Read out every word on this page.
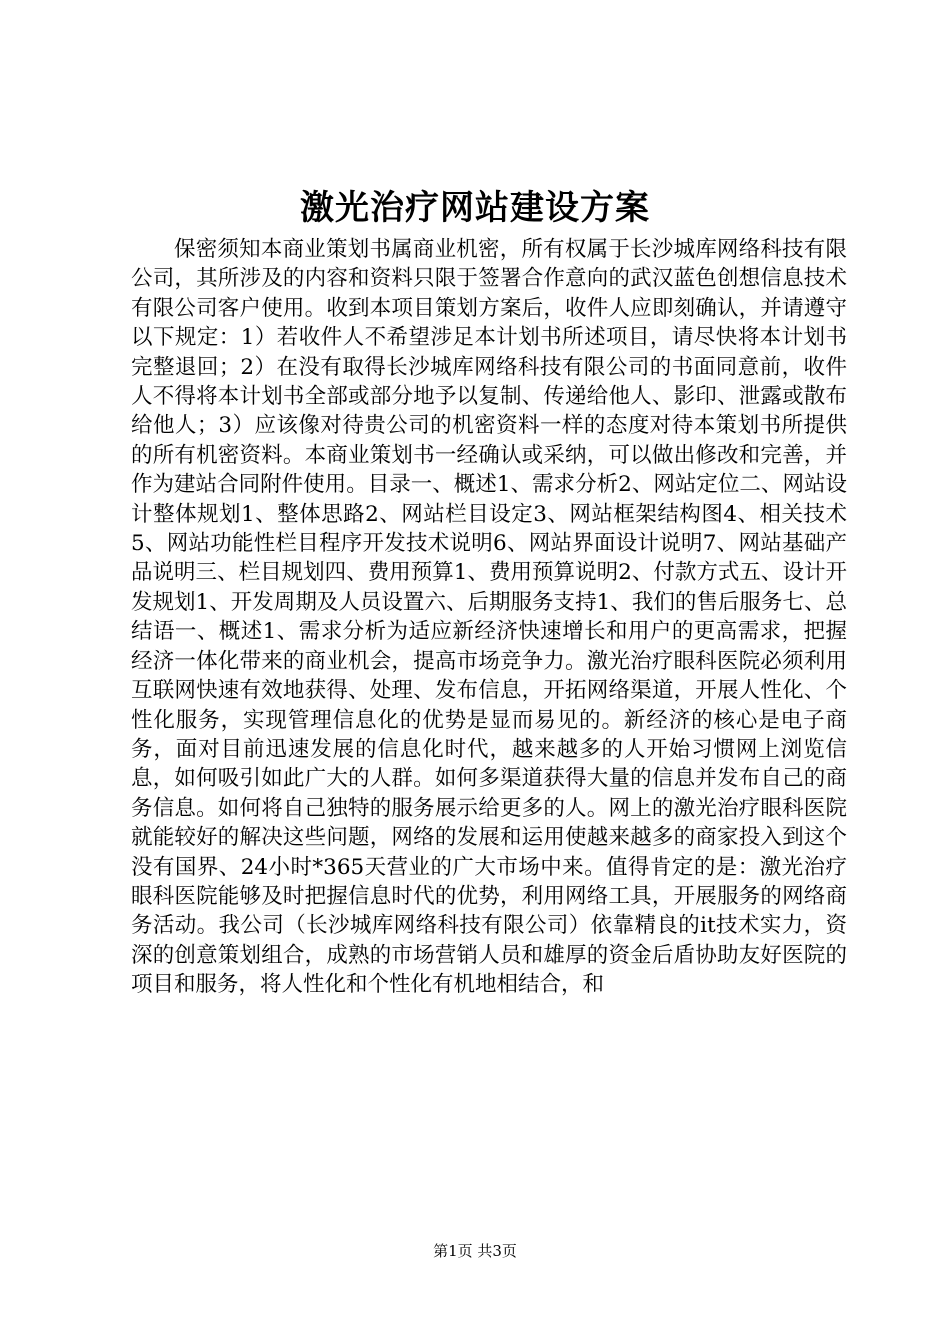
激光治疗网站建设方案

保密须知本商业策划书属商业机密，所有权属于长沙城库网络科技有限公司，其所涉及的内容和资料只限于签署合作意向的武汉蓝色创想信息技术有限公司客户使用。收到本项目策划方案后，收件人应即刻确认，并请遵守以下规定：1）若收件人不希望涉足本计划书所述项目，请尽快将本计划书完整退回；2）在没有取得长沙城库网络科技有限公司的书面同意前，收件人不得将本计划书全部或部分地予以复制、传递给他人、影印、泄露或散布给他人；3）应该像对待贵公司的机密资料一样的态度对待本策划书所提供的所有机密资料。本商业策划书一经确认或采纳，可以做出修改和完善，并作为建站合同附件使用。目录一、概述1、需求分析2、网站定位二、网站设计整体规划1、整体思路2、网站栏目设定3、网站框架结构图4、相关技术5、网站功能性栏目程序开发技术说明6、网站界面设计说明7、网站基础产品说明三、栏目规划四、费用预算1、费用预算说明2、付款方式五、设计开发规划1、开发周期及人员设置六、后期服务支持1、我们的售后服务七、总结语一、概述1、需求分析为适应新经济快速增长和用户的更高需求，把握经济一体化带来的商业机会，提高市场竞争力。激光治疗眼科医院必须利用互联网快速有效地获得、处理、发布信息，开拓网络渠道，开展人性化、个性化服务，实现管理信息化的优势是显而易见的。新经济的核心是电子商务，面对目前迅速发展的信息化时代，越来越多的人开始习惯网上浏览信息，如何吸引如此广大的人群。如何多渠道获得大量的信息并发布自己的商务信息。如何将自己独特的服务展示给更多的人。网上的激光治疗眼科医院就能较好的解决这些问题，网络的发展和运用使越来越多的商家投入到这个没有国界、24小时*365天营业的广大市场中来。值得肯定的是：激光治疗眼科医院能够及时把握信息时代的优势，利用网络工具，开展服务的网络商务活动。我公司（长沙城库网络科技有限公司）依靠精良的it技术实力，资深的创意策划组合，成熟的市场营销人员和雄厚的资金后盾协助友好医院的项目和服务，将人性化和个性化有机地相结合，和

第1页 共3页
